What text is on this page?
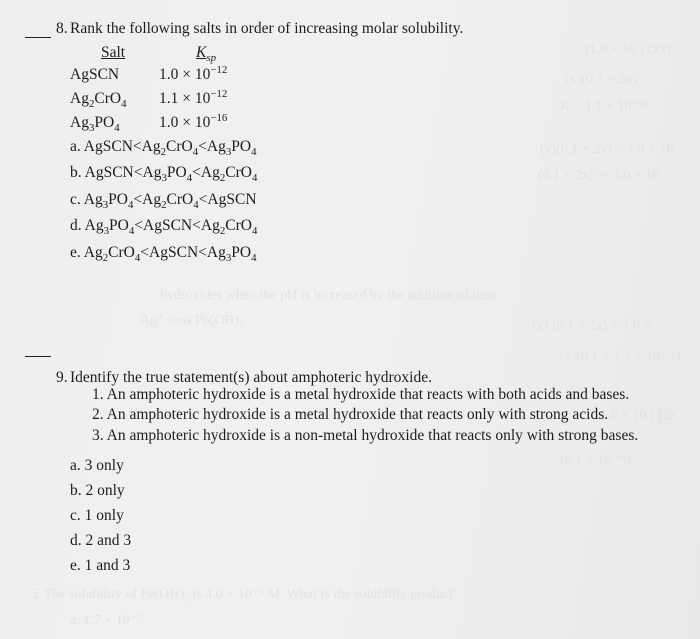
(1.0 × 10 ) (2x)
(x)(0.1 × 2x)²
K = 1.1 × 10⁻¹²
(x)(0.1 × 2x) = 1.0 × 10
(0.1 × 2x)² = 1.0 × 10
hydroxides when the pH is increased by the addition of base
Ag⁺ ions Pb(OH)₂	(x) (0.1 × 2x) = 1.0 ×
(x)(0.1 × 1.1 × 10⁻¹²)
1.0 × 10 ) (2x
(0.1 × 10⁻¹²)
5. The solubility of Fe(OH)₂ is 4.0 × 10⁻⁵ M. What is the solubility product
a. 1.7 × 10⁻⁷
8. Rank the following salts in order of increasing molar solubility.
Salt	$K_{sp}$
AgSCN	$1.0 \times 10^{-12}$
$Ag_2CrO_4$ $1.1 \times 10^{-12}$
$Ag_3PO_4$	$1.0 \times 10^{-16}$
a. $AgSCN<Ag_2CrO_4<Ag_3PO_4$
b. $AgSCN<Ag_3PO_4<Ag_2CrO_4$
c. $Ag_3PO_4<Ag_2CrO_4<AgSCN$
d. $Ag_3PO_4<AgSCN<Ag_2CrO_4$
e. $Ag_2CrO_4<AgSCN<Ag_3PO_4$
9. Identify the true statement(s) about amphoteric hydroxide.
1. An amphoteric hydroxide is a metal hydroxide that reacts with both acids and bases.
2. An amphoteric hydroxide is a metal hydroxide that reacts only with strong acids.
3. An amphoteric hydroxide is a non-metal hydroxide that reacts only with strong bases.
a. 3 only
b. 2 only
c. 1 only
d. 2 and 3
e. 1 and 3
